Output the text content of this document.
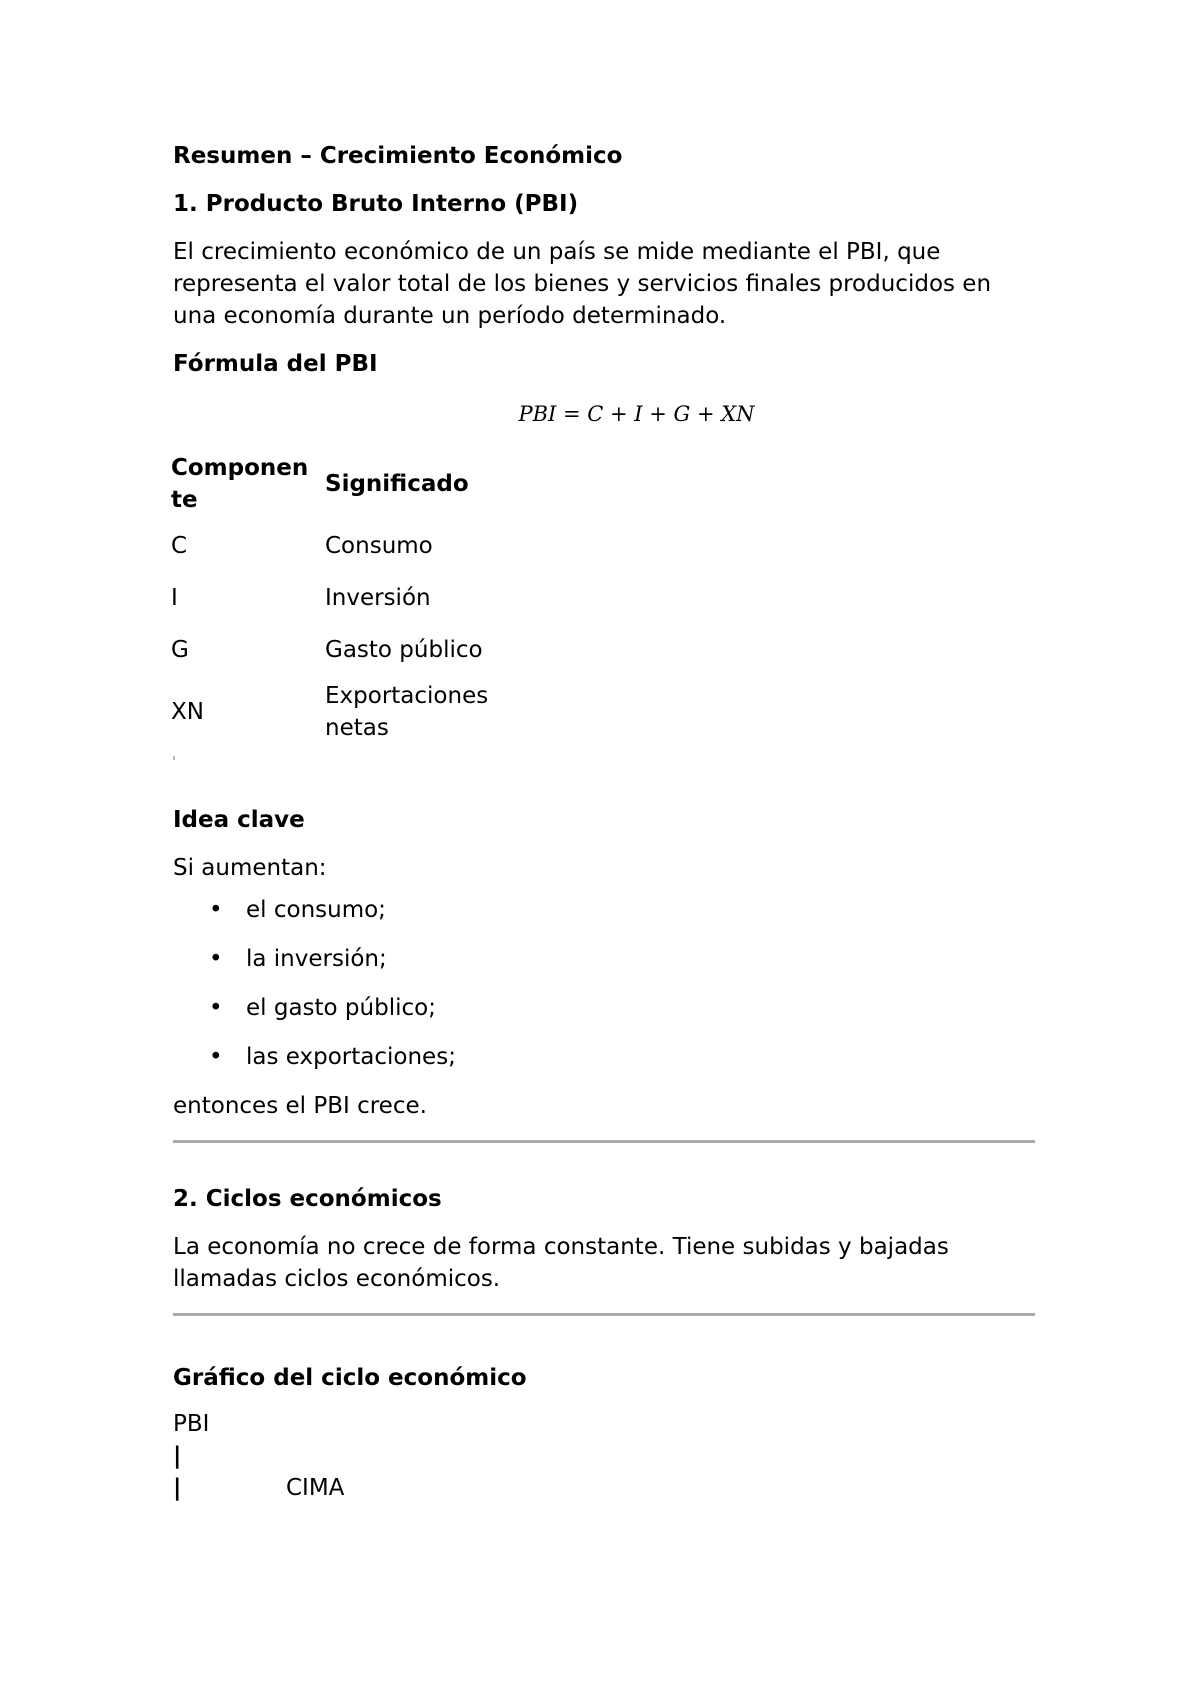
Resumen – Crecimiento Económico

1. Producto Bruto Interno (PBI)

El crecimiento económico de un país se mide mediante el PBI, que representa el valor total de los bienes y servicios finales producidos en una economía durante un período determinado.

Fórmula del PBI

PBI = C + I + G + XN

Componen te	Significado
C	Consumo
I	Inversión
G	Gasto público
XN	Exportaciones netas

Idea clave

Si aumentan:

• el consumo;
• la inversión;
• el gasto público;
• las exportaciones;

entonces el PBI crece.

2. Ciclos económicos

La economía no crece de forma constante. Tiene subidas y bajadas llamadas ciclos económicos.

Gráfico del ciclo económico

PBI
|
|	CIMA
